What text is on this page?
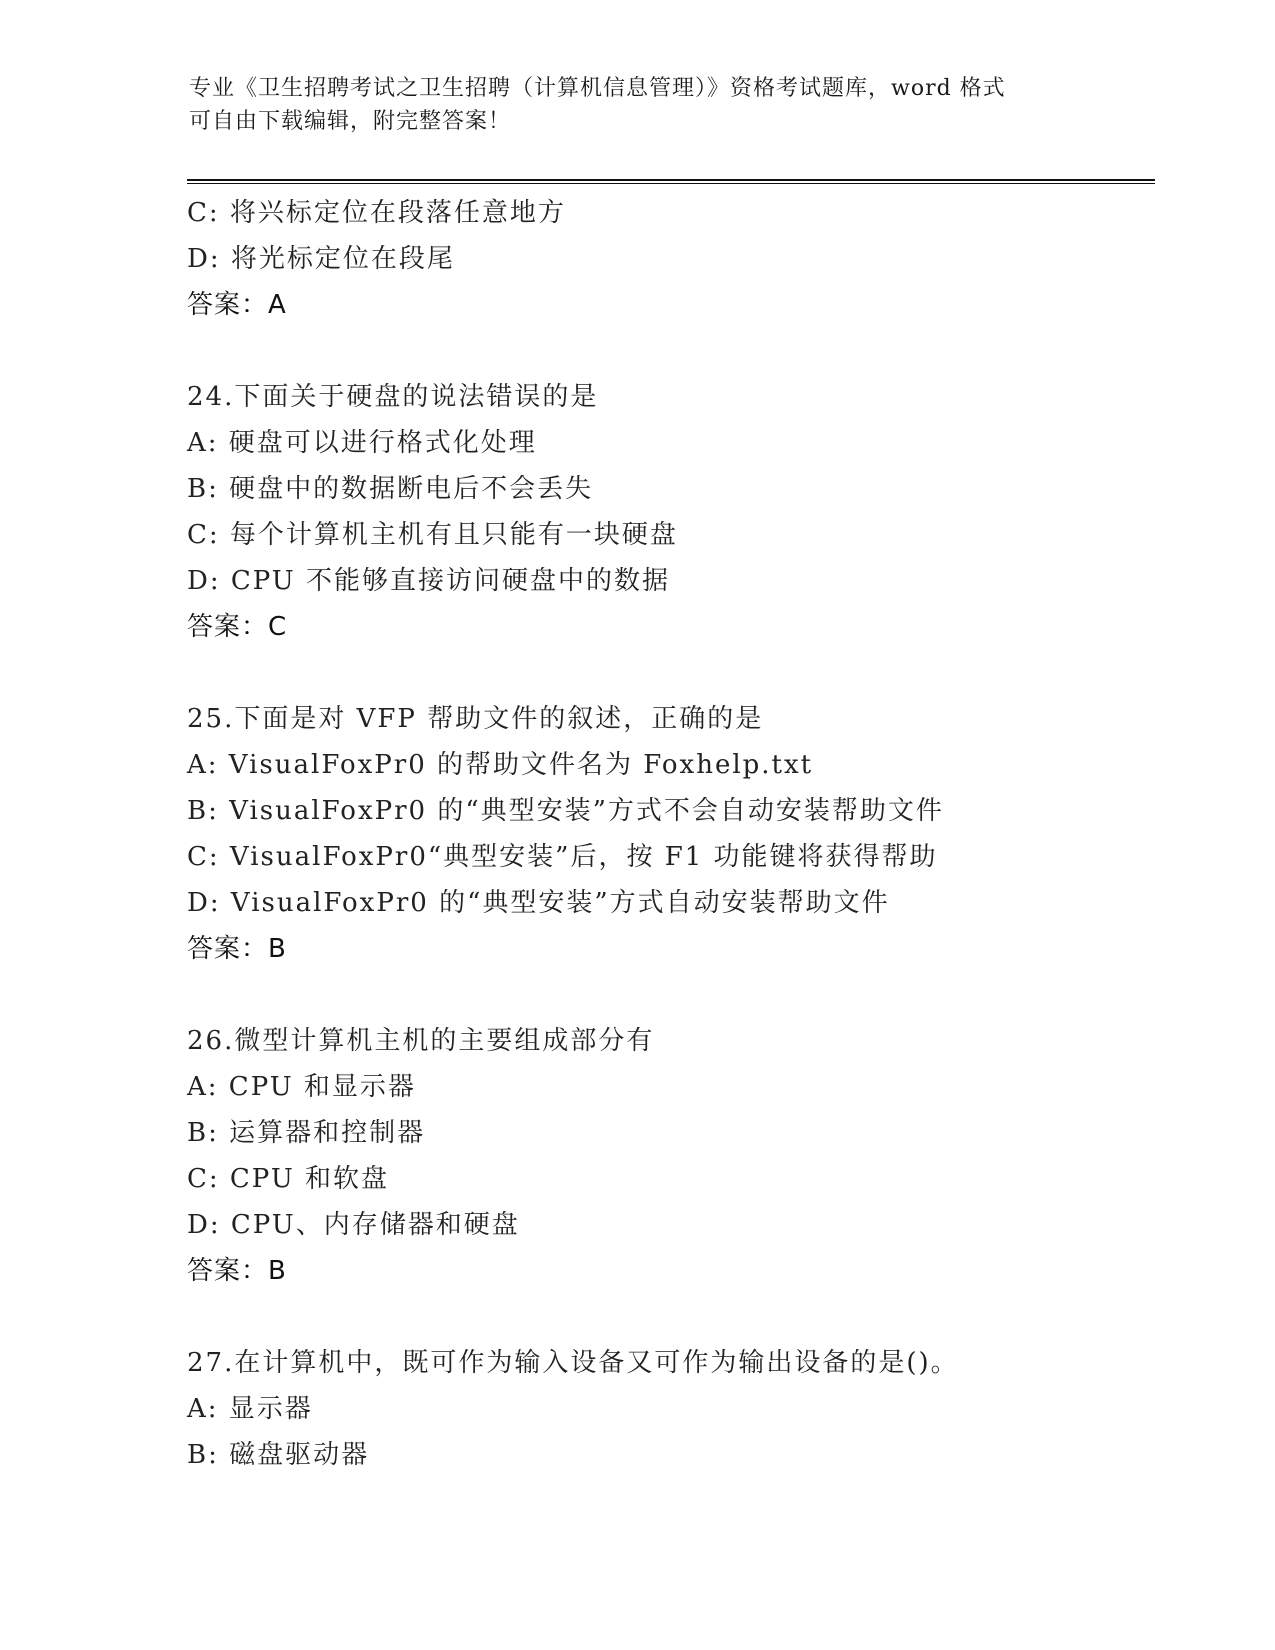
专业《卫生招聘考试之卫生招聘（计算机信息管理）》资格考试题库，word 格式
可自由下载编辑，附完整答案！
C: 将兴标定位在段落任意地方
D: 将光标定位在段尾
答案：A
24.下面关于硬盘的说法错误的是
A: 硬盘可以进行格式化处理
B: 硬盘中的数据断电后不会丢失
C: 每个计算机主机有且只能有一块硬盘
D: CPU 不能够直接访问硬盘中的数据
答案：C
25.下面是对 VFP 帮助文件的叙述，正确的是
A: VisualFoxPr0 的帮助文件名为 Foxhelp.txt
B: VisualFoxPr0 的“典型安装”方式不会自动安装帮助文件
C: VisualFoxPr0“典型安装”后，按 F1 功能键将获得帮助
D: VisualFoxPr0 的“典型安装”方式自动安装帮助文件
答案：B
26.微型计算机主机的主要组成部分有
A: CPU 和显示器
B: 运算器和控制器
C: CPU 和软盘
D: CPU、内存储器和硬盘
答案：B
27.在计算机中，既可作为输入设备又可作为输出设备的是()。
A: 显示器
B: 磁盘驱动器
